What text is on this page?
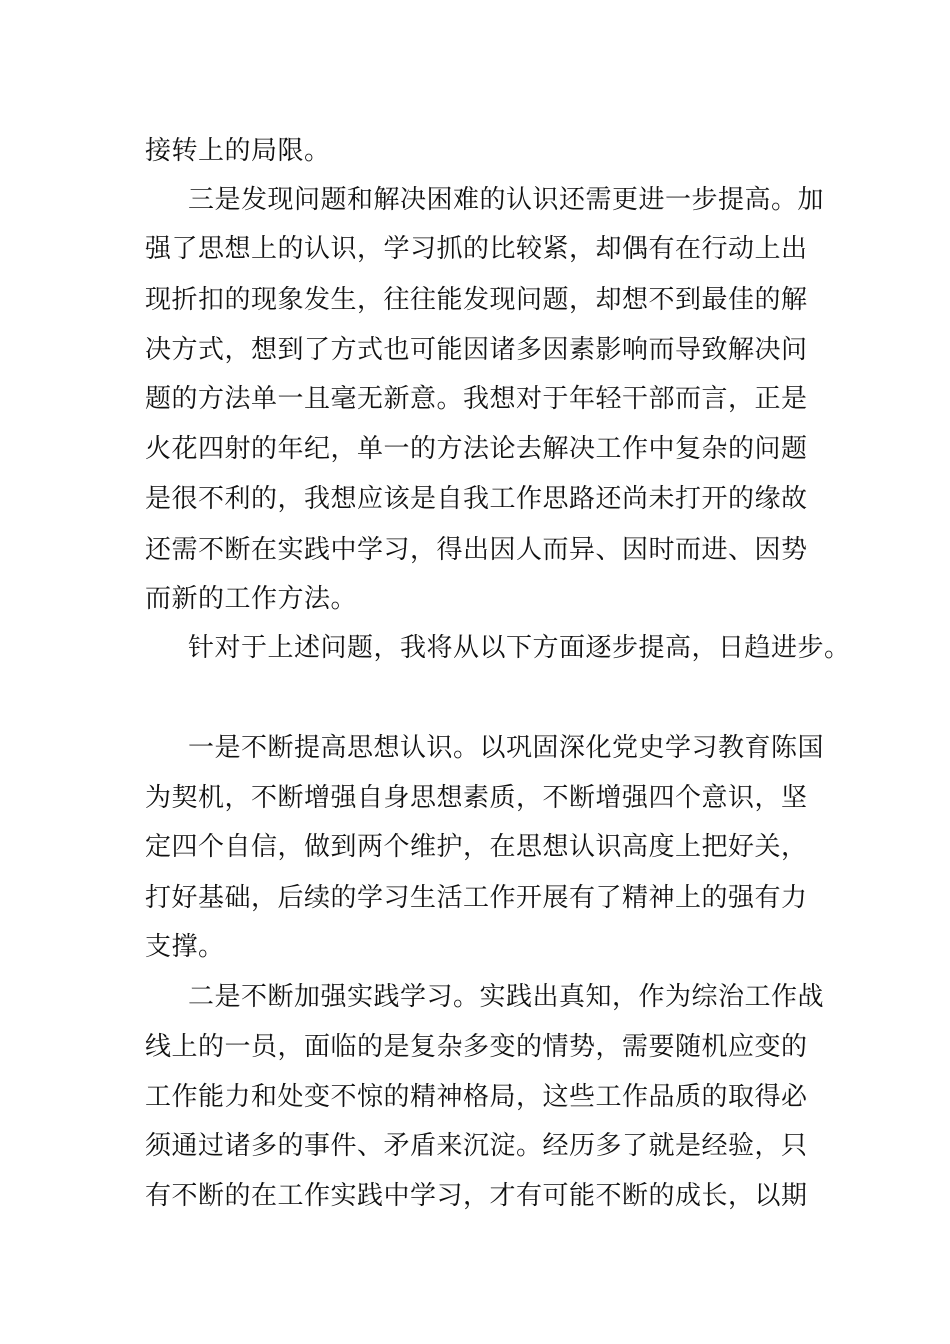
接转上的局限。
三是发现问题和解决困难的认识还需更进一步提高。加
强了思想上的认识，学习抓的比较紧，却偶有在行动上出
现折扣的现象发生，往往能发现问题，却想不到最佳的解
决方式，想到了方式也可能因诸多因素影响而导致解决问
题的方法单一且毫无新意。我想对于年轻干部而言，正是
火花四射的年纪，单一的方法论去解决工作中复杂的问题
是很不利的，我想应该是自我工作思路还尚未打开的缘故
还需不断在实践中学习，得出因人而异、因时而进、因势
而新的工作方法。
针对于上述问题，我将从以下方面逐步提高，日趋进步。
一是不断提高思想认识。以巩固深化党史学习教育陈国
为契机，不断增强自身思想素质，不断增强四个意识，坚
定四个自信，做到两个维护，在思想认识高度上把好关，
打好基础，后续的学习生活工作开展有了精神上的强有力
支撑。
二是不断加强实践学习。实践出真知，作为综治工作战
线上的一员，面临的是复杂多变的情势，需要随机应变的
工作能力和处变不惊的精神格局，这些工作品质的取得必
须通过诸多的事件、矛盾来沉淀。经历多了就是经验，只
有不断的在工作实践中学习，才有可能不断的成长，以期
